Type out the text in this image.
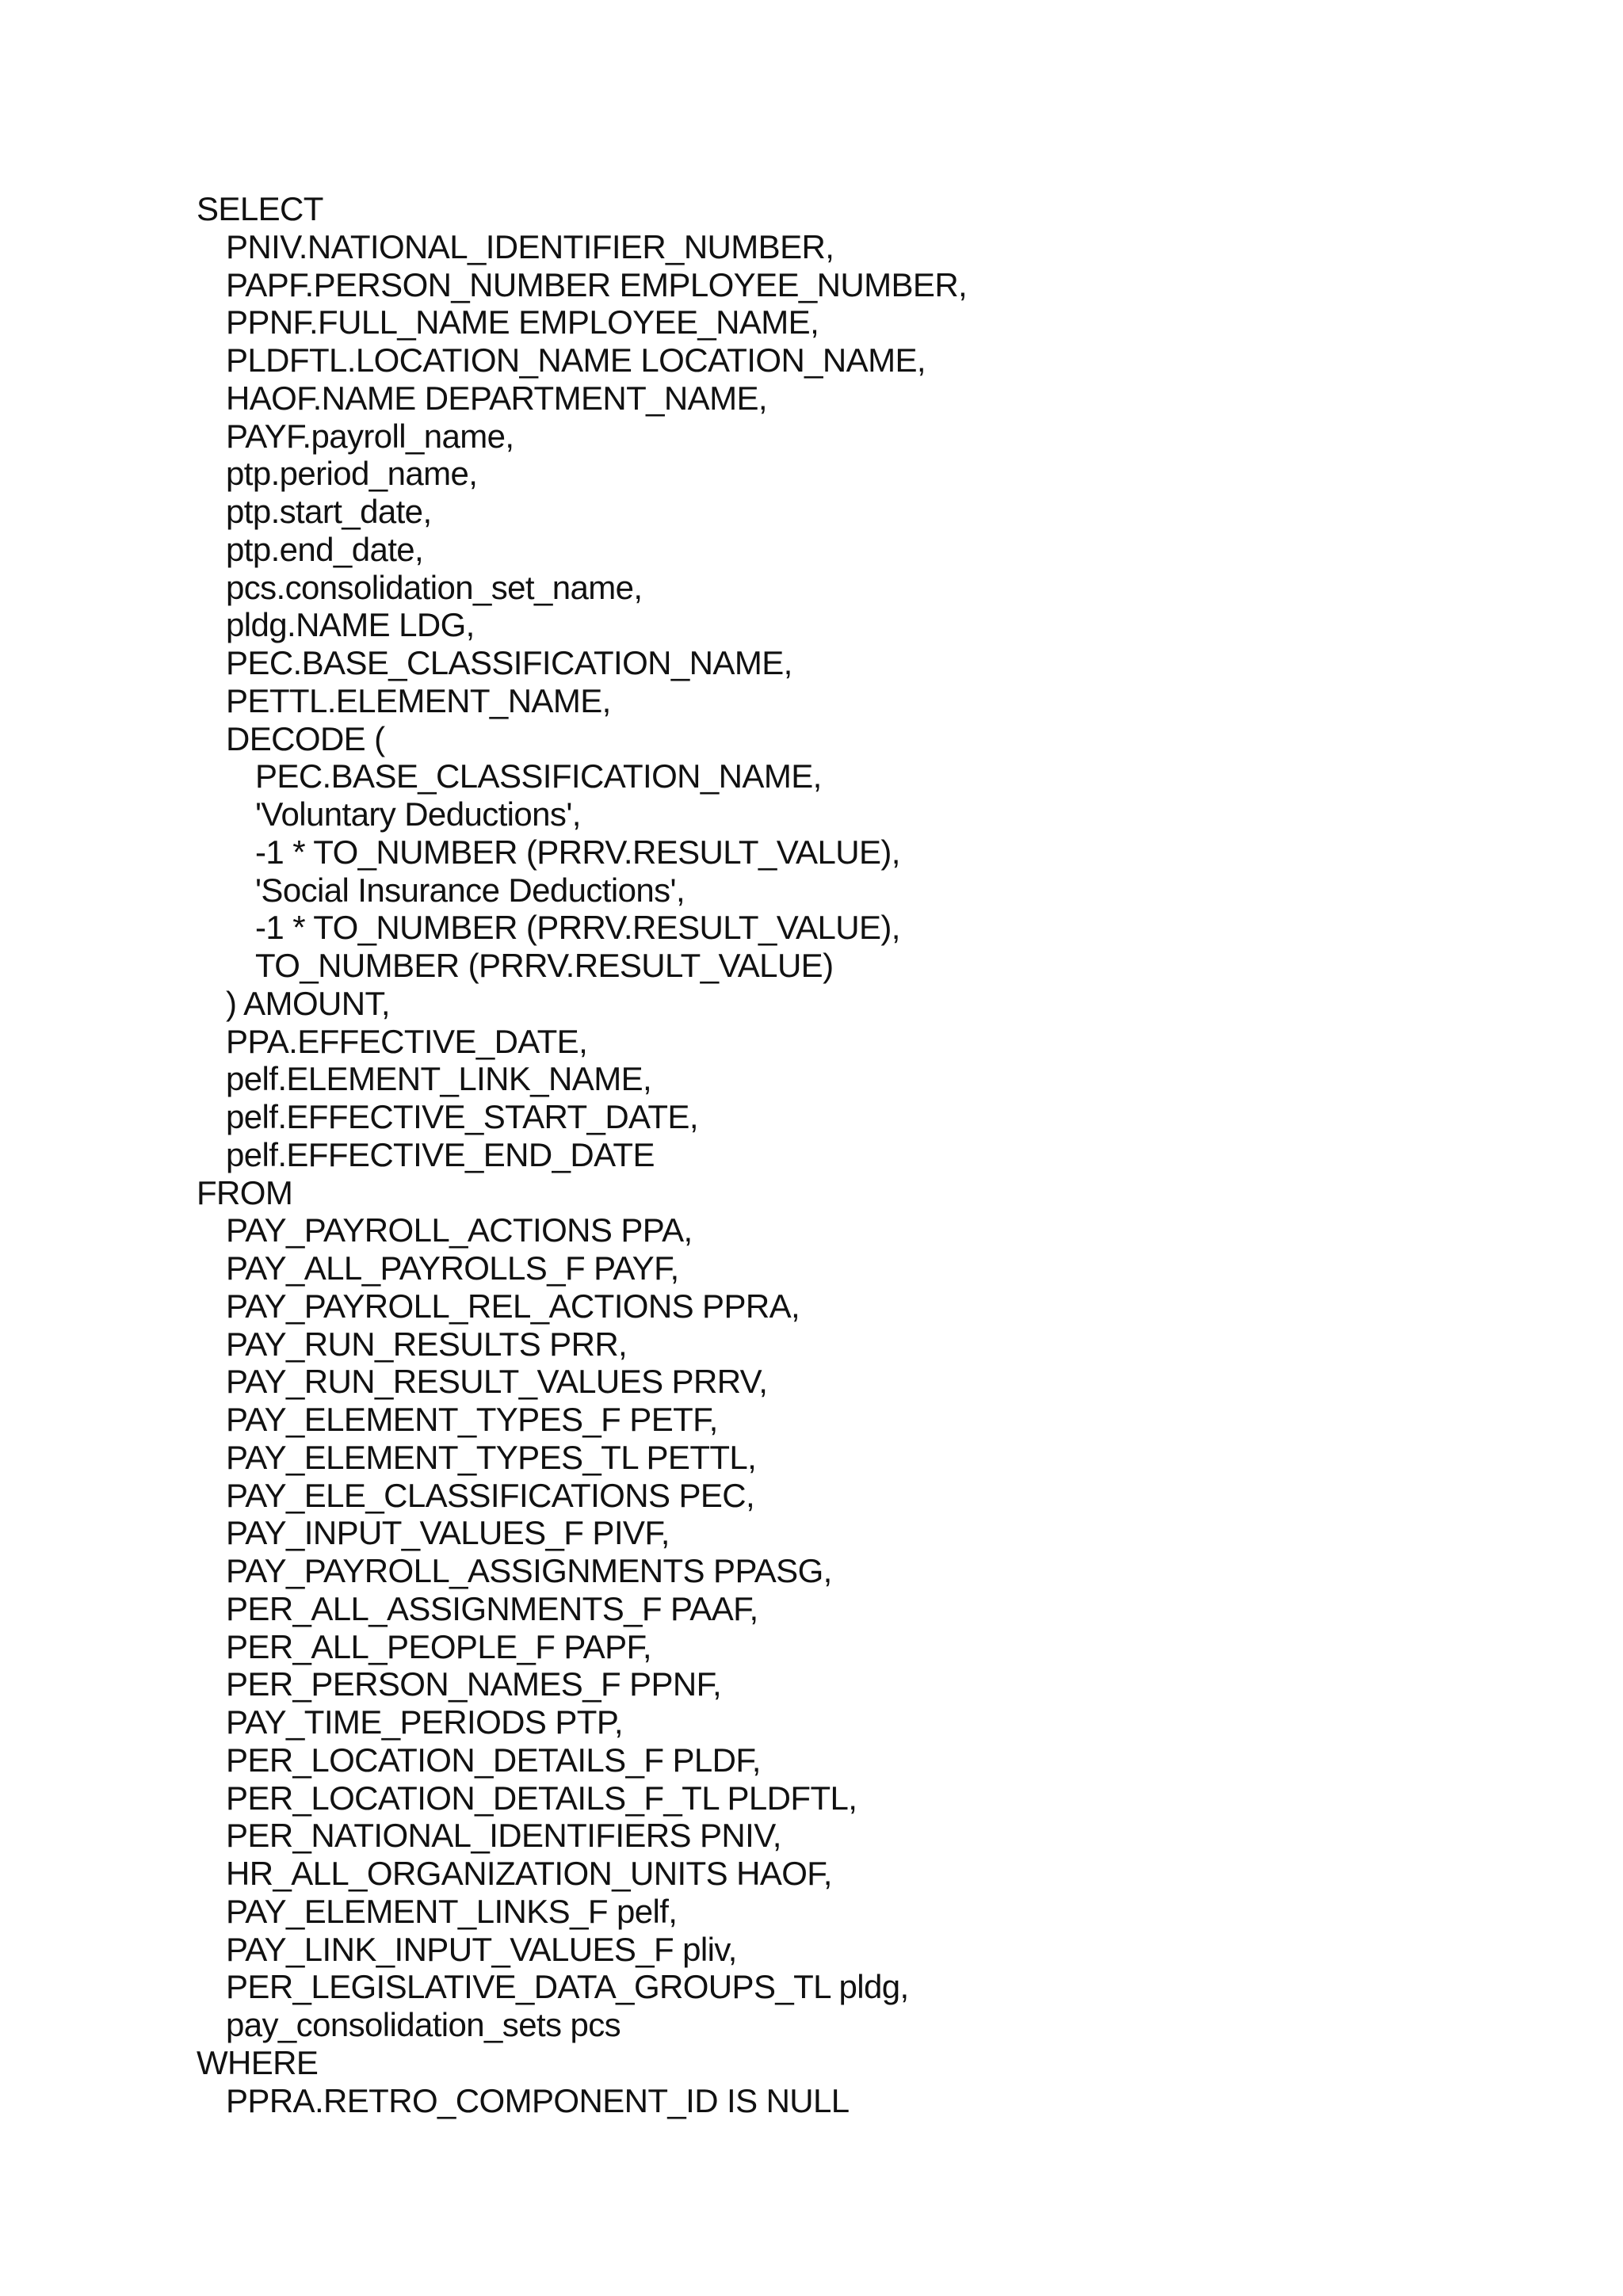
SELECT
PNIV.NATIONAL_IDENTIFIER_NUMBER,
PAPF.PERSON_NUMBER EMPLOYEE_NUMBER,
PPNF.FULL_NAME EMPLOYEE_NAME,
PLDFTL.LOCATION_NAME LOCATION_NAME,
HAOF.NAME DEPARTMENT_NAME,
PAYF.payroll_name,
ptp.period_name,
ptp.start_date,
ptp.end_date,
pcs.consolidation_set_name,
pldg.NAME LDG,
PEC.BASE_CLASSIFICATION_NAME,
PETTL.ELEMENT_NAME,
DECODE (
PEC.BASE_CLASSIFICATION_NAME,
'Voluntary Deductions',
-1 * TO_NUMBER (PRRV.RESULT_VALUE),
'Social Insurance Deductions',
-1 * TO_NUMBER (PRRV.RESULT_VALUE),
TO_NUMBER (PRRV.RESULT_VALUE)
) AMOUNT,
PPA.EFFECTIVE_DATE,
pelf.ELEMENT_LINK_NAME,
pelf.EFFECTIVE_START_DATE,
pelf.EFFECTIVE_END_DATE
FROM
PAY_PAYROLL_ACTIONS PPA,
PAY_ALL_PAYROLLS_F PAYF,
PAY_PAYROLL_REL_ACTIONS PPRA,
PAY_RUN_RESULTS PRR,
PAY_RUN_RESULT_VALUES PRRV,
PAY_ELEMENT_TYPES_F PETF,
PAY_ELEMENT_TYPES_TL PETTL,
PAY_ELE_CLASSIFICATIONS PEC,
PAY_INPUT_VALUES_F PIVF,
PAY_PAYROLL_ASSIGNMENTS PPASG,
PER_ALL_ASSIGNMENTS_F PAAF,
PER_ALL_PEOPLE_F PAPF,
PER_PERSON_NAMES_F PPNF,
PAY_TIME_PERIODS PTP,
PER_LOCATION_DETAILS_F PLDF,
PER_LOCATION_DETAILS_F_TL PLDFTL,
PER_NATIONAL_IDENTIFIERS PNIV,
HR_ALL_ORGANIZATION_UNITS HAOF,
PAY_ELEMENT_LINKS_F pelf,
PAY_LINK_INPUT_VALUES_F pliv,
PER_LEGISLATIVE_DATA_GROUPS_TL pldg,
pay_consolidation_sets pcs
WHERE
PPRA.RETRO_COMPONENT_ID IS NULL
